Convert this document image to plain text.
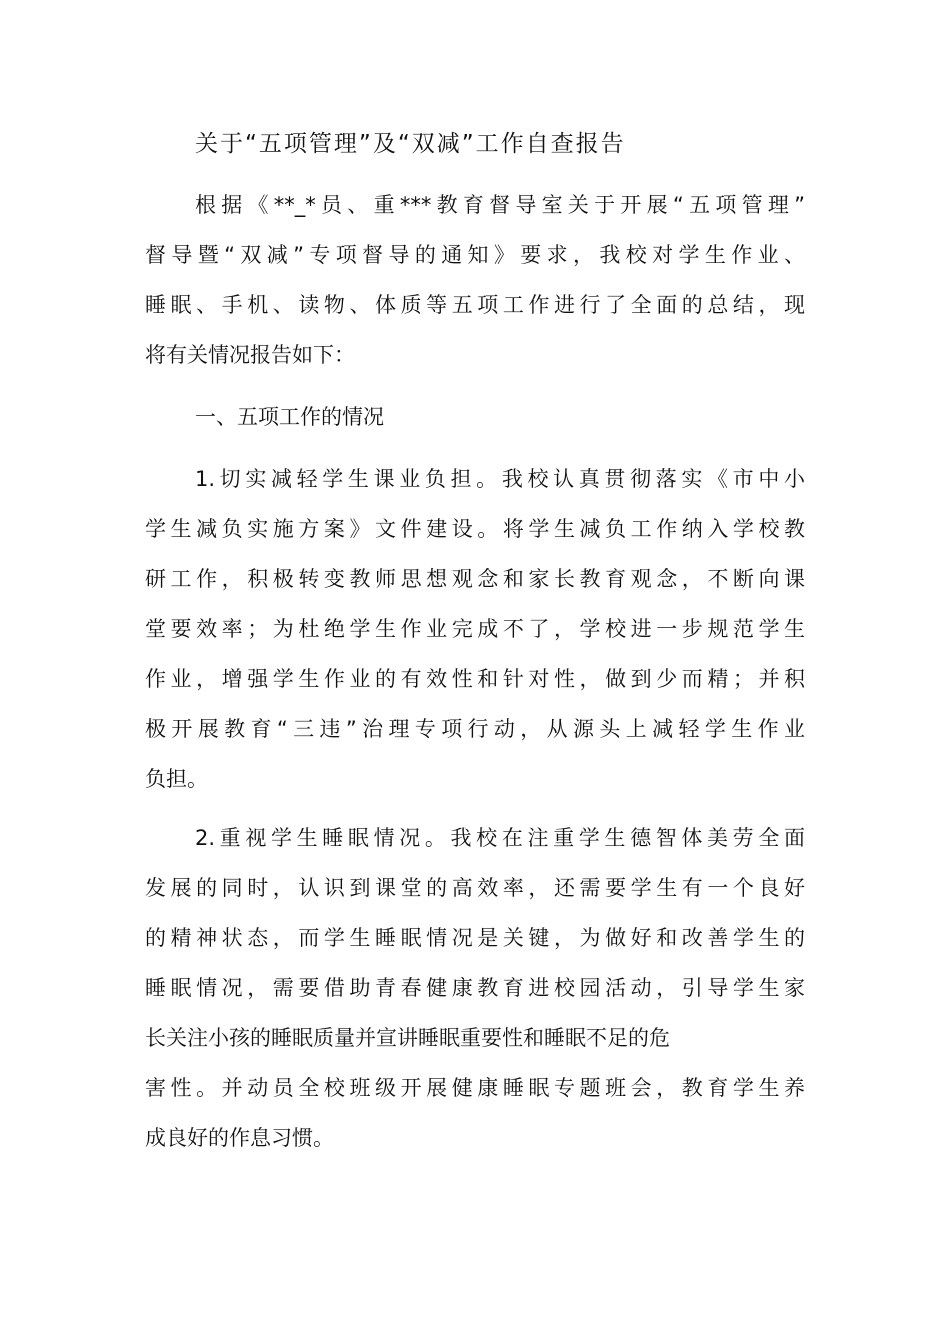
关于“五项管理”及“双减”工作自查报告
根据《**_*员、重***教育督导室关于开展“五项管理”
督导暨“双减”专项督导的通知》要求，我校对学生作业、
睡眠、手机、读物、体质等五项工作进行了全面的总结，现
将有关情况报告如下：
一、五项工作的情况
1.切实减轻学生课业负担。我校认真贯彻落实《市中小
学生减负实施方案》文件建设。将学生减负工作纳入学校教
研工作，积极转变教师思想观念和家长教育观念，不断向课
堂要效率；为杜绝学生作业完成不了，学校进一步规范学生
作业，增强学生作业的有效性和针对性，做到少而精；并积
极开展教育“三违”治理专项行动，从源头上减轻学生作业
负担。
2.重视学生睡眠情况。我校在注重学生德智体美劳全面
发展的同时，认识到课堂的高效率，还需要学生有一个良好
的精神状态，而学生睡眠情况是关键，为做好和改善学生的
睡眠情况，需要借助青春健康教育进校园活动，引导学生家
长关注小孩的睡眠质量并宣讲睡眠重要性和睡眠不足的危
害性。并动员全校班级开展健康睡眠专题班会，教育学生养
成良好的作息习惯。
